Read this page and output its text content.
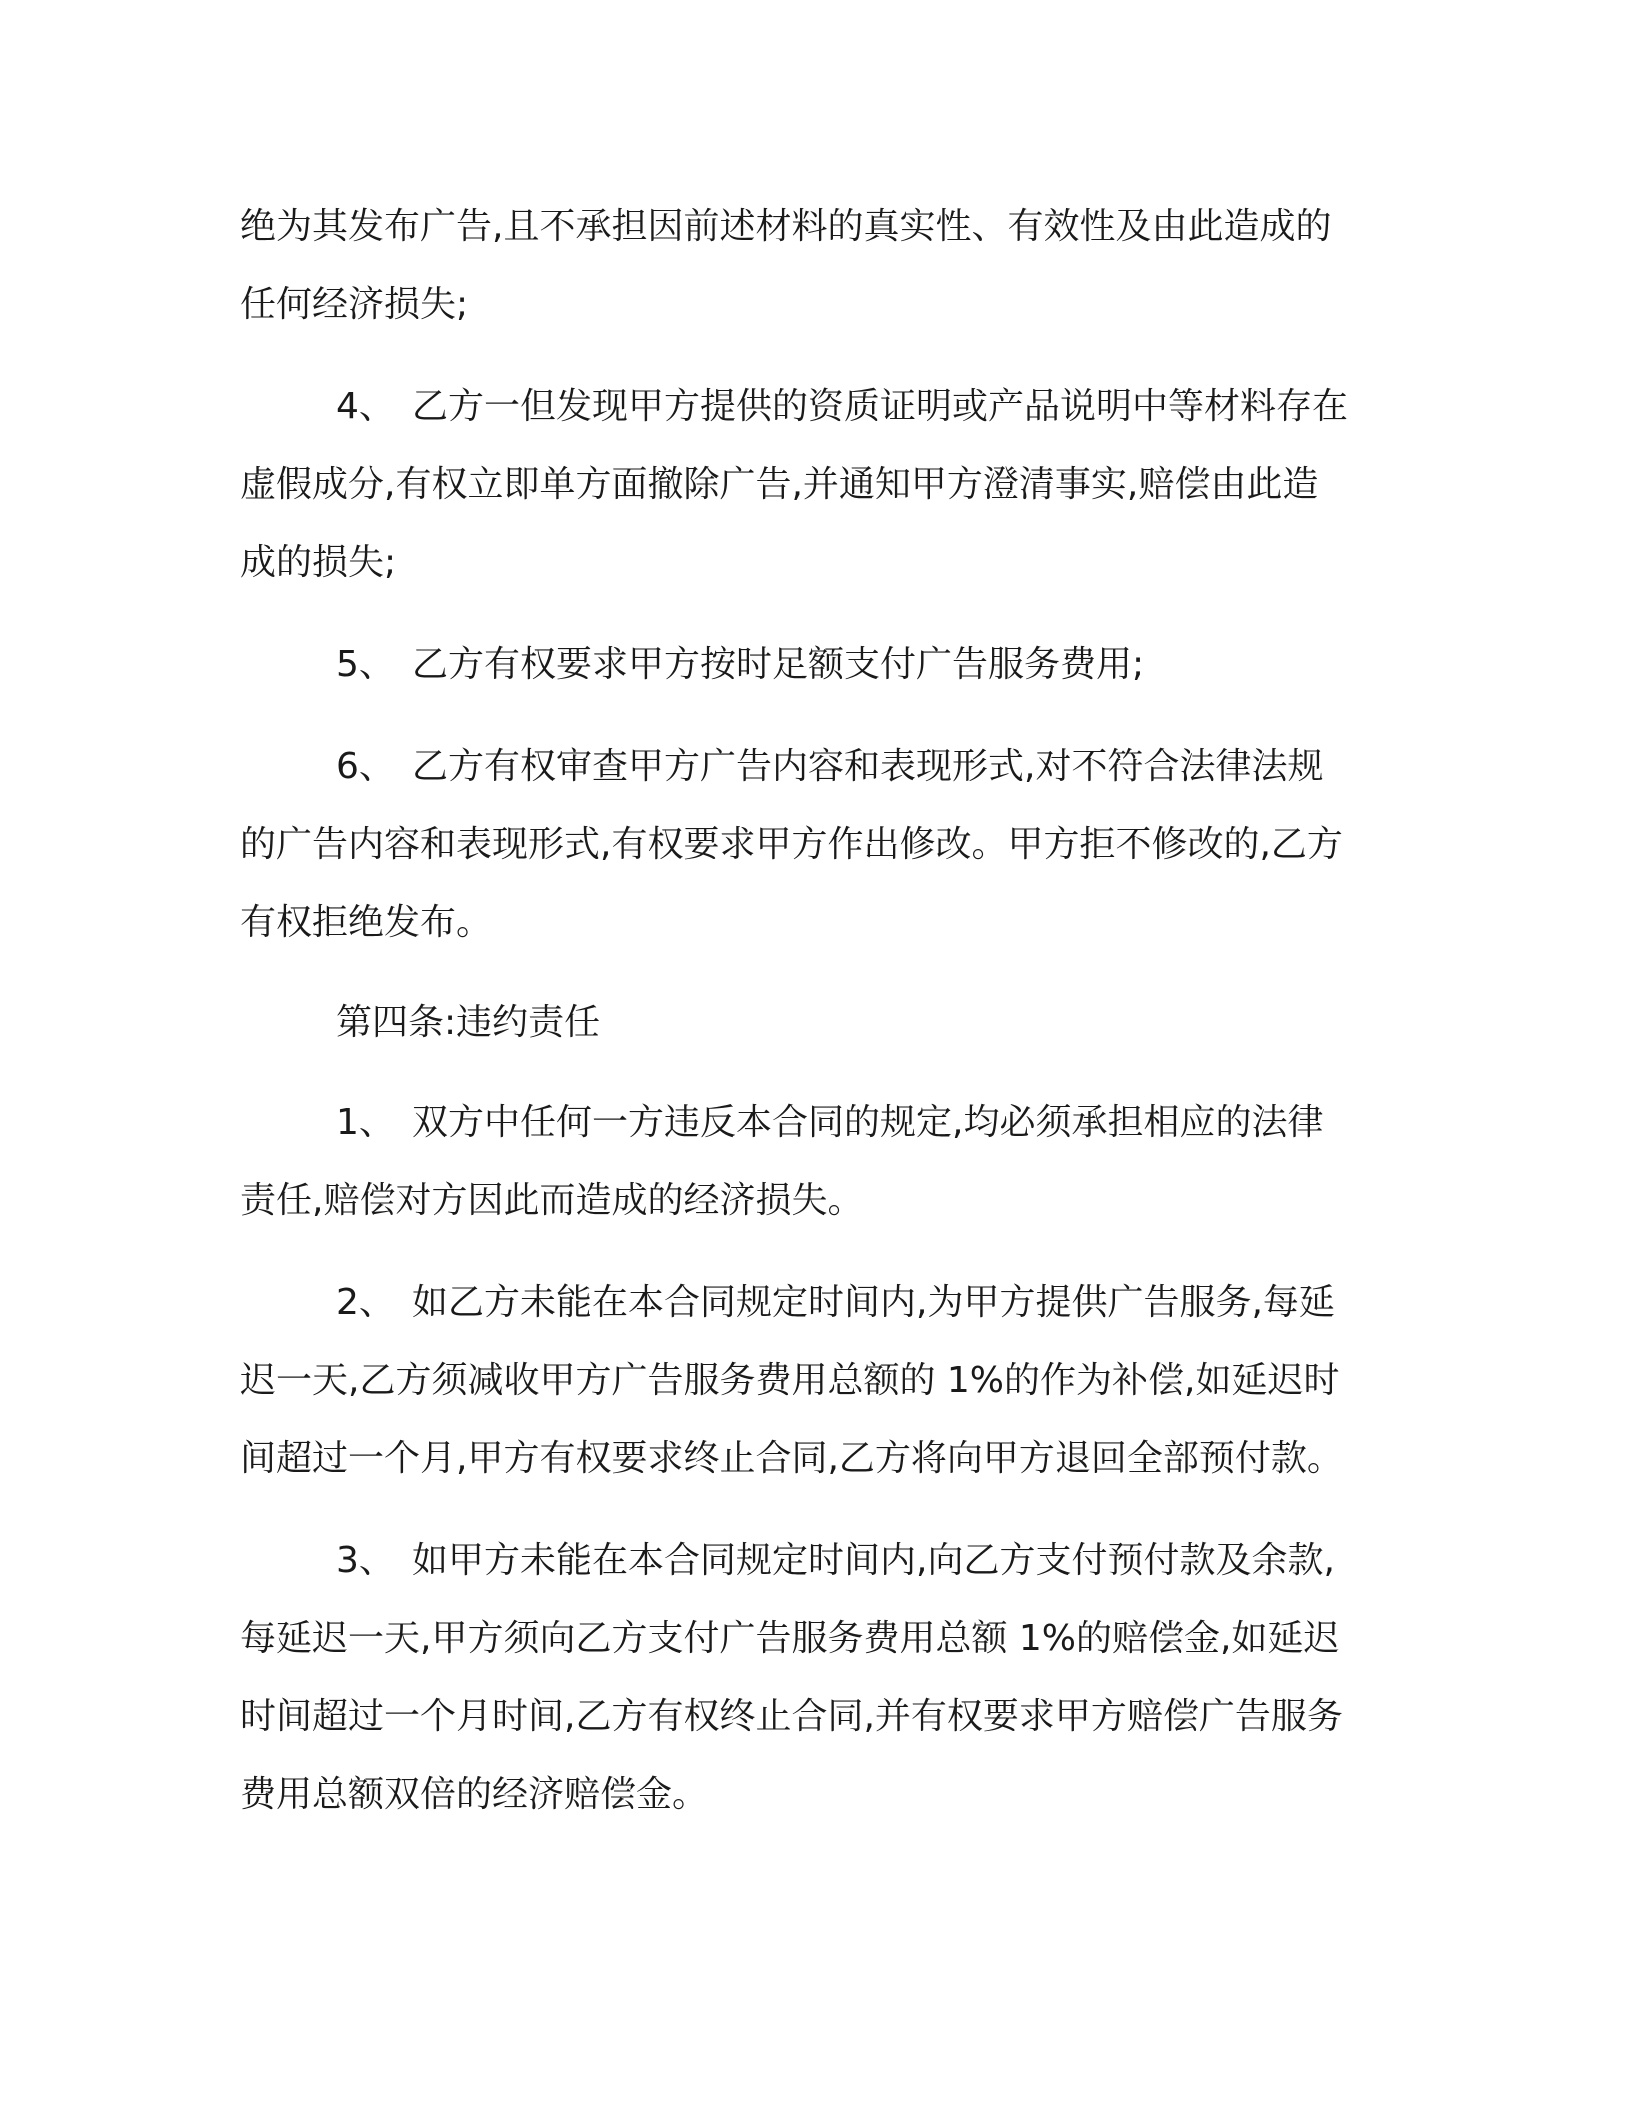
绝为其发布广告,且不承担因前述材料的真实性、有效性及由此造成的
任何经济损失;

4、 乙方一但发现甲方提供的资质证明或产品说明中等材料存在
虚假成分,有权立即单方面撤除广告,并通知甲方澄清事实,赔偿由此造
成的损失;

5、 乙方有权要求甲方按时足额支付广告服务费用;

6、 乙方有权审查甲方广告内容和表现形式,对不符合法律法规
的广告内容和表现形式,有权要求甲方作出修改。甲方拒不修改的,乙方
有权拒绝发布。

第四条:违约责任

1、 双方中任何一方违反本合同的规定,均必须承担相应的法律
责任,赔偿对方因此而造成的经济损失。

2、 如乙方未能在本合同规定时间内,为甲方提供广告服务,每延
迟一天,乙方须减收甲方广告服务费用总额的 1%的作为补偿,如延迟时
间超过一个月,甲方有权要求终止合同,乙方将向甲方退回全部预付款。

3、 如甲方未能在本合同规定时间内,向乙方支付预付款及余款,
每延迟一天,甲方须向乙方支付广告服务费用总额 1%的赔偿金,如延迟
时间超过一个月时间,乙方有权终止合同,并有权要求甲方赔偿广告服务
费用总额双倍的经济赔偿金。
